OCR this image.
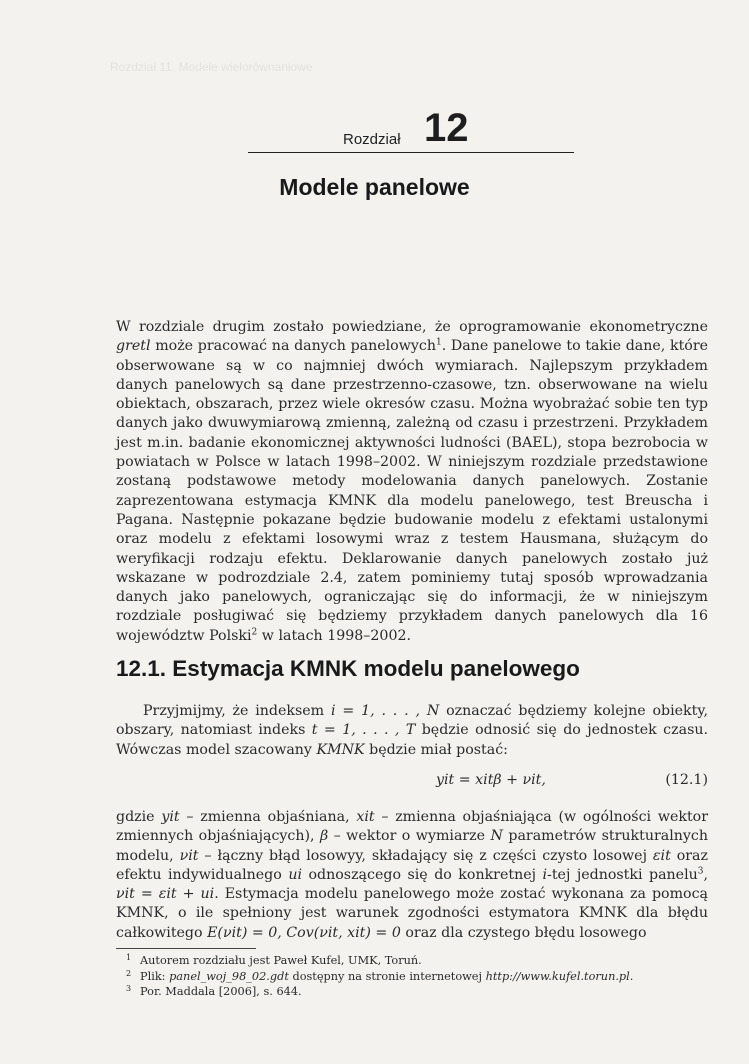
Rozdział 11. Modele wielorównaniowe
Rozdział 12
Modele panelowe

W rozdziale drugim zostało powiedziane, że oprogramowanie ekonometryczne gretl może pracować na danych panelowych$^1$. Dane panelowe to takie dane, które obserwowane są w co najmniej dwóch wymiarach. Najlepszym przykładem danych panelowych są dane przestrzenno-czasowe, tzn. obserwowane na wielu obiektach, obszarach, przez wiele okresów czasu. Można wyobrażać sobie ten typ danych jako dwuwymiarową zmienną, zależną od czasu i przestrzeni. Przykładem jest m.in. badanie ekonomicznej aktywności ludności (BAEL), stopa bezrobocia w powiatach w Polsce w latach 1998–2002. W niniejszym rozdziale przedstawione zostaną podstawowe metody modelowania danych panelowych. Zostanie zaprezentowana estymacja KMNK dla modelu panelowego, test Breuscha i Pagana. Następnie pokazane będzie budowanie modelu z efektami ustalonymi oraz modelu z efektami losowymi wraz z testem Hausmana, służącym do weryfikacji rodzaju efektu. Deklarowanie danych panelowych zostało już wskazane w podrozdziale 2.4, zatem pominiemy tutaj sposób wprowadzania danych jako panelowych, ograniczając się do informacji, że w niniejszym rozdziale posługiwać się będziemy przykładem danych panelowych dla 16 województw Polski$^2$ w latach 1998–2002.

12.1. Estymacja KMNK modelu panelowego

Przyjmijmy, że indeksem i = 1, . . . , N oznaczać będziemy kolejne obiekty, obszary, natomiast indeks t = 1, . . . , T będzie odnosić się do jednostek czasu. Wówczas model szacowany KMNK będzie miał postać:

yit = xitβ + νit,	(12.1)

gdzie yit – zmienna objaśniana, xit – zmienna objaśniająca (w ogólności wektor zmiennych objaśniających), β – wektor o wymiarze N parametrów strukturalnych modelu, νit – łączny błąd losowyy, składający się z części czysto losowej εit oraz efektu indywidualnego ui odnoszącego się do konkretnej i-tej jednostki panelu$^3$, νit = εit + ui. Estymacja modelu panelowego może zostać wykonana za pomocą KMNK, o ile spełniony jest warunek zgodności estymatora KMNK dla błędu całkowitego E(νit) = 0, Cov(νit, xit) = 0 oraz dla czystego błędu losowego

1 Autorem rozdziału jest Paweł Kufel, UMK, Toruń.
2 Plik: panel_woj_98_02.gdt dostępny na stronie internetowej http://www.kufel.torun.pl.
3 Por. Maddala [2006], s. 644.
